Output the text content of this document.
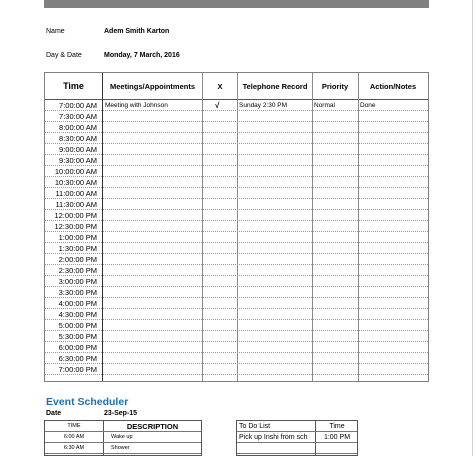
Name	Adem Smith Karton
Day & Date	Monday, 7 March, 2016
Time	Meetings/Appointments	X	Telephone Record	Priority	Action/Notes
7:00:00 AM Meeting with Johnson	√	Sunday 2:30 PM	Normal	Done
7:30:00 AM
8:00:00 AM
8:30:00 AM
9:00:00 AM
9:30:00 AM
10:00:00 AM
10:30:00 AM
11:00:00 AM
11:30:00 AM
12:00:00 PM
12:30:00 PM
1:00:00 PM
1:30:00 PM
2:00:00 PM
2:30:00 PM
3:00:00 PM
3:30:00 PM
4:00:00 PM
4:30:00 PM
5:00:00 PM
5:30:00 PM
6:00:00 PM
6:30:00 PM
7:00:00 PM
Event Scheduler
Date	23-Sep-15
TIME	DESCRIPTION
6:00 AM	Wake up
6:30 AM	Shower
To Do List	Time
Pick up Inshi from sch	1:00 PM
